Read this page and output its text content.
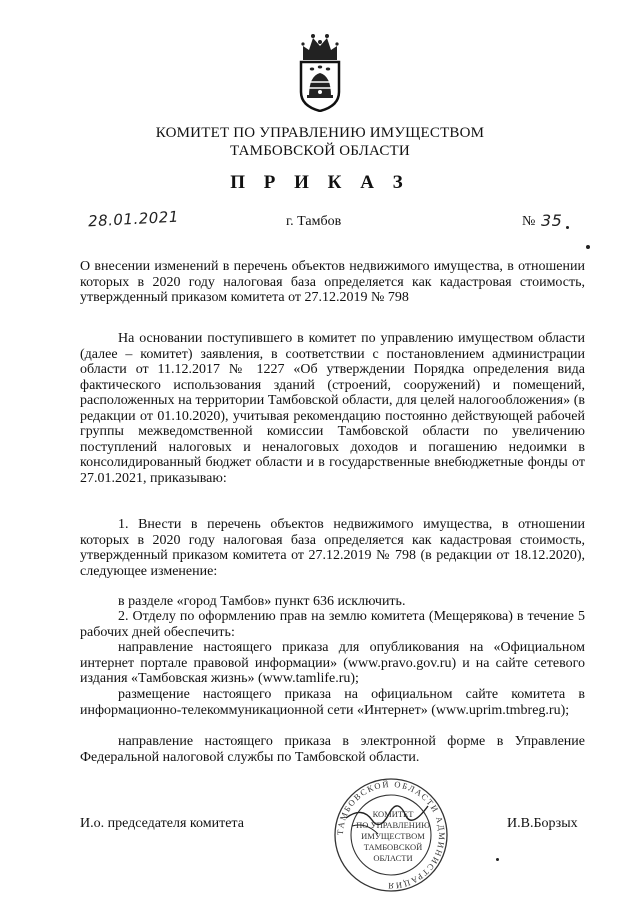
КОМИТЕТ ПО УПРАВЛЕНИЮ ИМУЩЕСТВОМ
ТАМБОВСКОЙ ОБЛАСТИ
П Р И К А З
28.01.2021	г. Тамбов	№ 35

О внесении изменений в перечень объектов недвижимого имущества, в отношении которых в 2020 году налоговая база определяется как кадастровая стоимость, утвержденный приказом комитета от 27.12.2019 № 798

На основании поступившего в комитет по управлению имуществом области (далее – комитет) заявления, в соответствии с постановлением администрации области от 11.12.2017 № 1227 «Об утверждении Порядка определения вида фактического использования зданий (строений, сооружений) и помещений, расположенных на территории Тамбовской области, для целей налогообложения» (в редакции от 01.10.2020), учитывая рекомендацию постоянно действующей рабочей группы межведомственной комиссии Тамбовской области по увеличению поступлений налоговых и неналоговых доходов и погашению недоимки в консолидированный бюджет области и в государственные внебюджетные фонды от 27.01.2021, приказываю:

1. Внести в перечень объектов недвижимого имущества, в отношении которых в 2020 году налоговая база определяется как кадастровая стоимость, утвержденный приказом комитета от 27.12.2019 № 798 (в редакции от 18.12.2020), следующее изменение:

в разделе «город Тамбов» пункт 636 исключить.

2. Отделу по оформлению прав на землю комитета (Мещерякова) в течение 5 рабочих дней обеспечить:

направление настоящего приказа для опубликования на «Официальном интернет портале правовой информации» (www.pravo.gov.ru) и на сайте сетевого издания «Тамбовская жизнь» (www.tamlife.ru);

размещение настоящего приказа на официальном сайте комитета в информационно-телекоммуникационной сети «Интернет» (www.uprim.tmbreg.ru);

направление настоящего приказа в электронной форме в Управление Федеральной налоговой службы по Тамбовской области.

И.о. председателя комитета	И.В.Борзых
ТАМБОВСКОЙ ОБЛАСТИ АДМИНИСТРАЦИЯ
КОМИТЕТ
ПО УПРАВЛЕНИЮ
ИМУЩЕСТВОМ
ТАМБОВСКОЙ
ОБЛАСТИ
